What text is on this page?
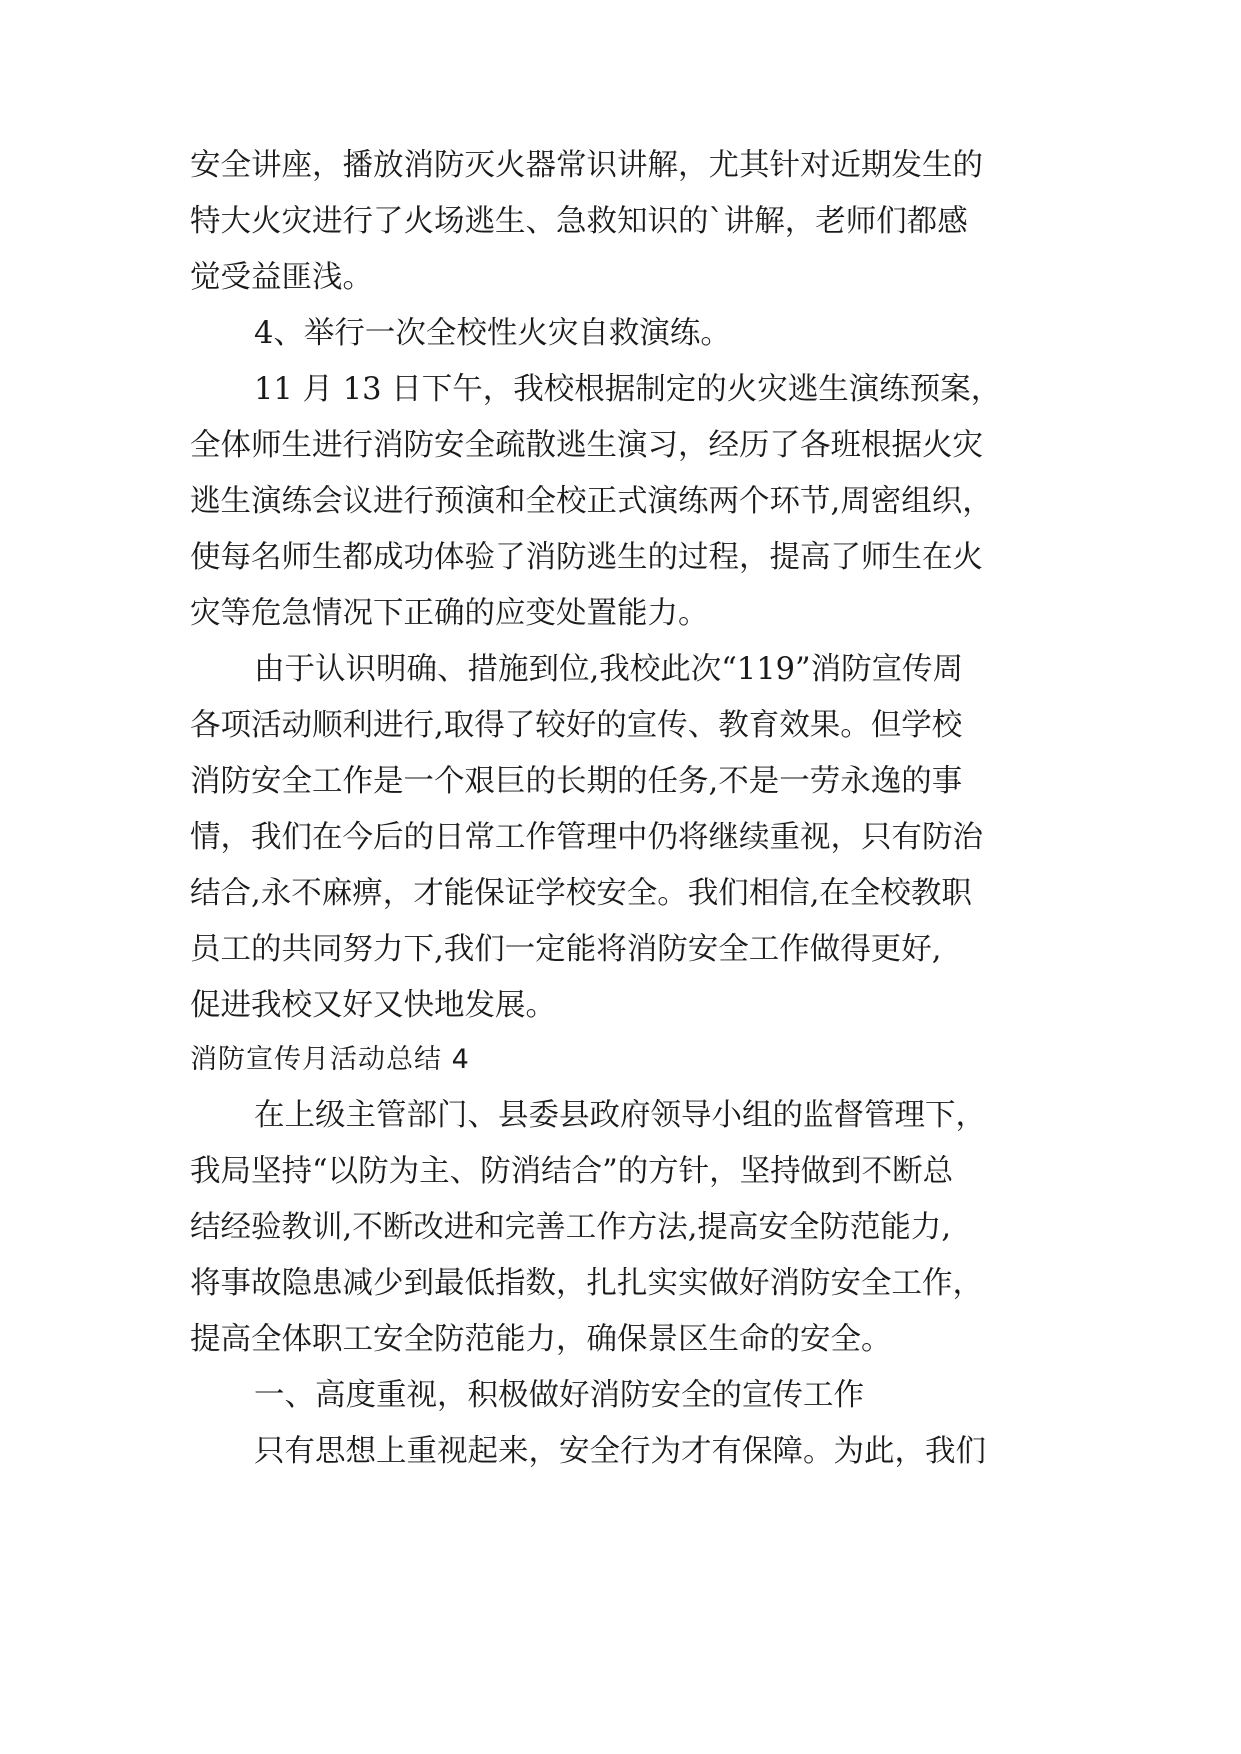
安全讲座，播放消防灭火器常识讲解，尤其针对近期发生的
特大火灾进行了火场逃生、急救知识的`讲解，老师们都感
觉受益匪浅。
4、举行一次全校性火灾自救演练。
11 月 13 日下午，我校根据制定的火灾逃生演练预案，
全体师生进行消防安全疏散逃生演习，经历了各班根据火灾
逃生演练会议进行预演和全校正式演练两个环节,周密组织，
使每名师生都成功体验了消防逃生的过程，提高了师生在火
灾等危急情况下正确的应变处置能力。
由于认识明确、措施到位,我校此次“119”消防宣传周
各项活动顺利进行,取得了较好的宣传、教育效果。但学校
消防安全工作是一个艰巨的长期的任务,不是一劳永逸的事
情，我们在今后的日常工作管理中仍将继续重视，只有防治
结合,永不麻痹，才能保证学校安全。我们相信,在全校教职
员工的共同努力下,我们一定能将消防安全工作做得更好,
促进我校又好又快地发展。
消防宣传月活动总结 4
在上级主管部门、县委县政府领导小组的监督管理下，
我局坚持“以防为主、防消结合”的方针，坚持做到不断总
结经验教训,不断改进和完善工作方法,提高安全防范能力,
将事故隐患减少到最低指数，扎扎实实做好消防安全工作，
提高全体职工安全防范能力，确保景区生命的安全。
一、高度重视，积极做好消防安全的宣传工作
只有思想上重视起来，安全行为才有保障。为此，我们
